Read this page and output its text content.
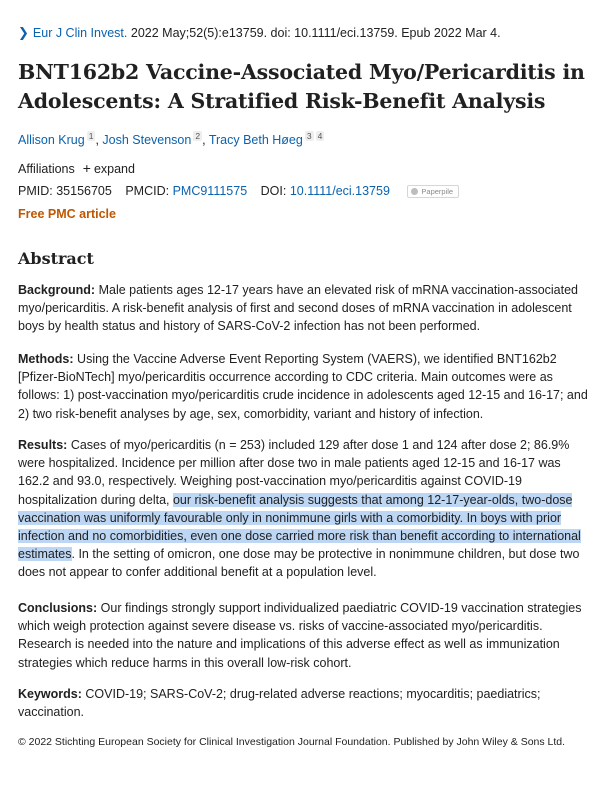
❯ Eur J Clin Invest. 2022 May;52(5):e13759. doi: 10.1111/eci.13759. Epub 2022 Mar 4.
BNT162b2 Vaccine-Associated Myo/Pericarditis in Adolescents: A Stratified Risk-Benefit Analysis
Allison Krug $^1$ , Josh Stevenson $^2$ , Tracy Beth Høeg $^3$ $^4$
Affiliations + expand
PMID: 35156705 PMCID: PMC9111575 DOI: 10.1111/eci.13759	Paperpile
Free PMC article
Abstract

Background: Male patients ages 12-17 years have an elevated risk of mRNA vaccination-associated myo/pericarditis. A risk-benefit analysis of first and second doses of mRNA vaccination in adolescent boys by health status and history of SARS-CoV-2 infection has not been performed.

Methods: Using the Vaccine Adverse Event Reporting System (VAERS), we identified BNT162b2 [Pfizer-BioNTech] myo/pericarditis occurrence according to CDC criteria. Main outcomes were as follows: 1) post-vaccination myo/pericarditis crude incidence in adolescents aged 12-15 and 16-17; and 2) two risk-benefit analyses by age, sex, comorbidity, variant and history of infection.

Results: Cases of myo/pericarditis (n = 253) included 129 after dose 1 and 124 after dose 2; 86.9% were hospitalized. Incidence per million after dose two in male patients aged 12-15 and 16-17 was 162.2 and 93.0, respectively. Weighing post-vaccination myo/pericarditis against COVID-19 hospitalization during delta, our risk-benefit analysis suggests that among 12-17-year-olds, two-dose vaccination was uniformly favourable only in nonimmune girls with a comorbidity. In boys with prior infection and no comorbidities, even one dose carried more risk than benefit according to international estimates. In the setting of omicron, one dose may be protective in nonimmune children, but dose two does not appear to confer additional benefit at a population level.

Conclusions: Our findings strongly support individualized paediatric COVID-19 vaccination strategies which weigh protection against severe disease vs. risks of vaccine-associated myo/pericarditis. Research is needed into the nature and implications of this adverse effect as well as immunization strategies which reduce harms in this overall low-risk cohort.

Keywords: COVID-19; SARS-CoV-2; drug-related adverse reactions; myocarditis; paediatrics; vaccination.

© 2022 Stichting European Society for Clinical Investigation Journal Foundation. Published by John Wiley & Sons Ltd.
